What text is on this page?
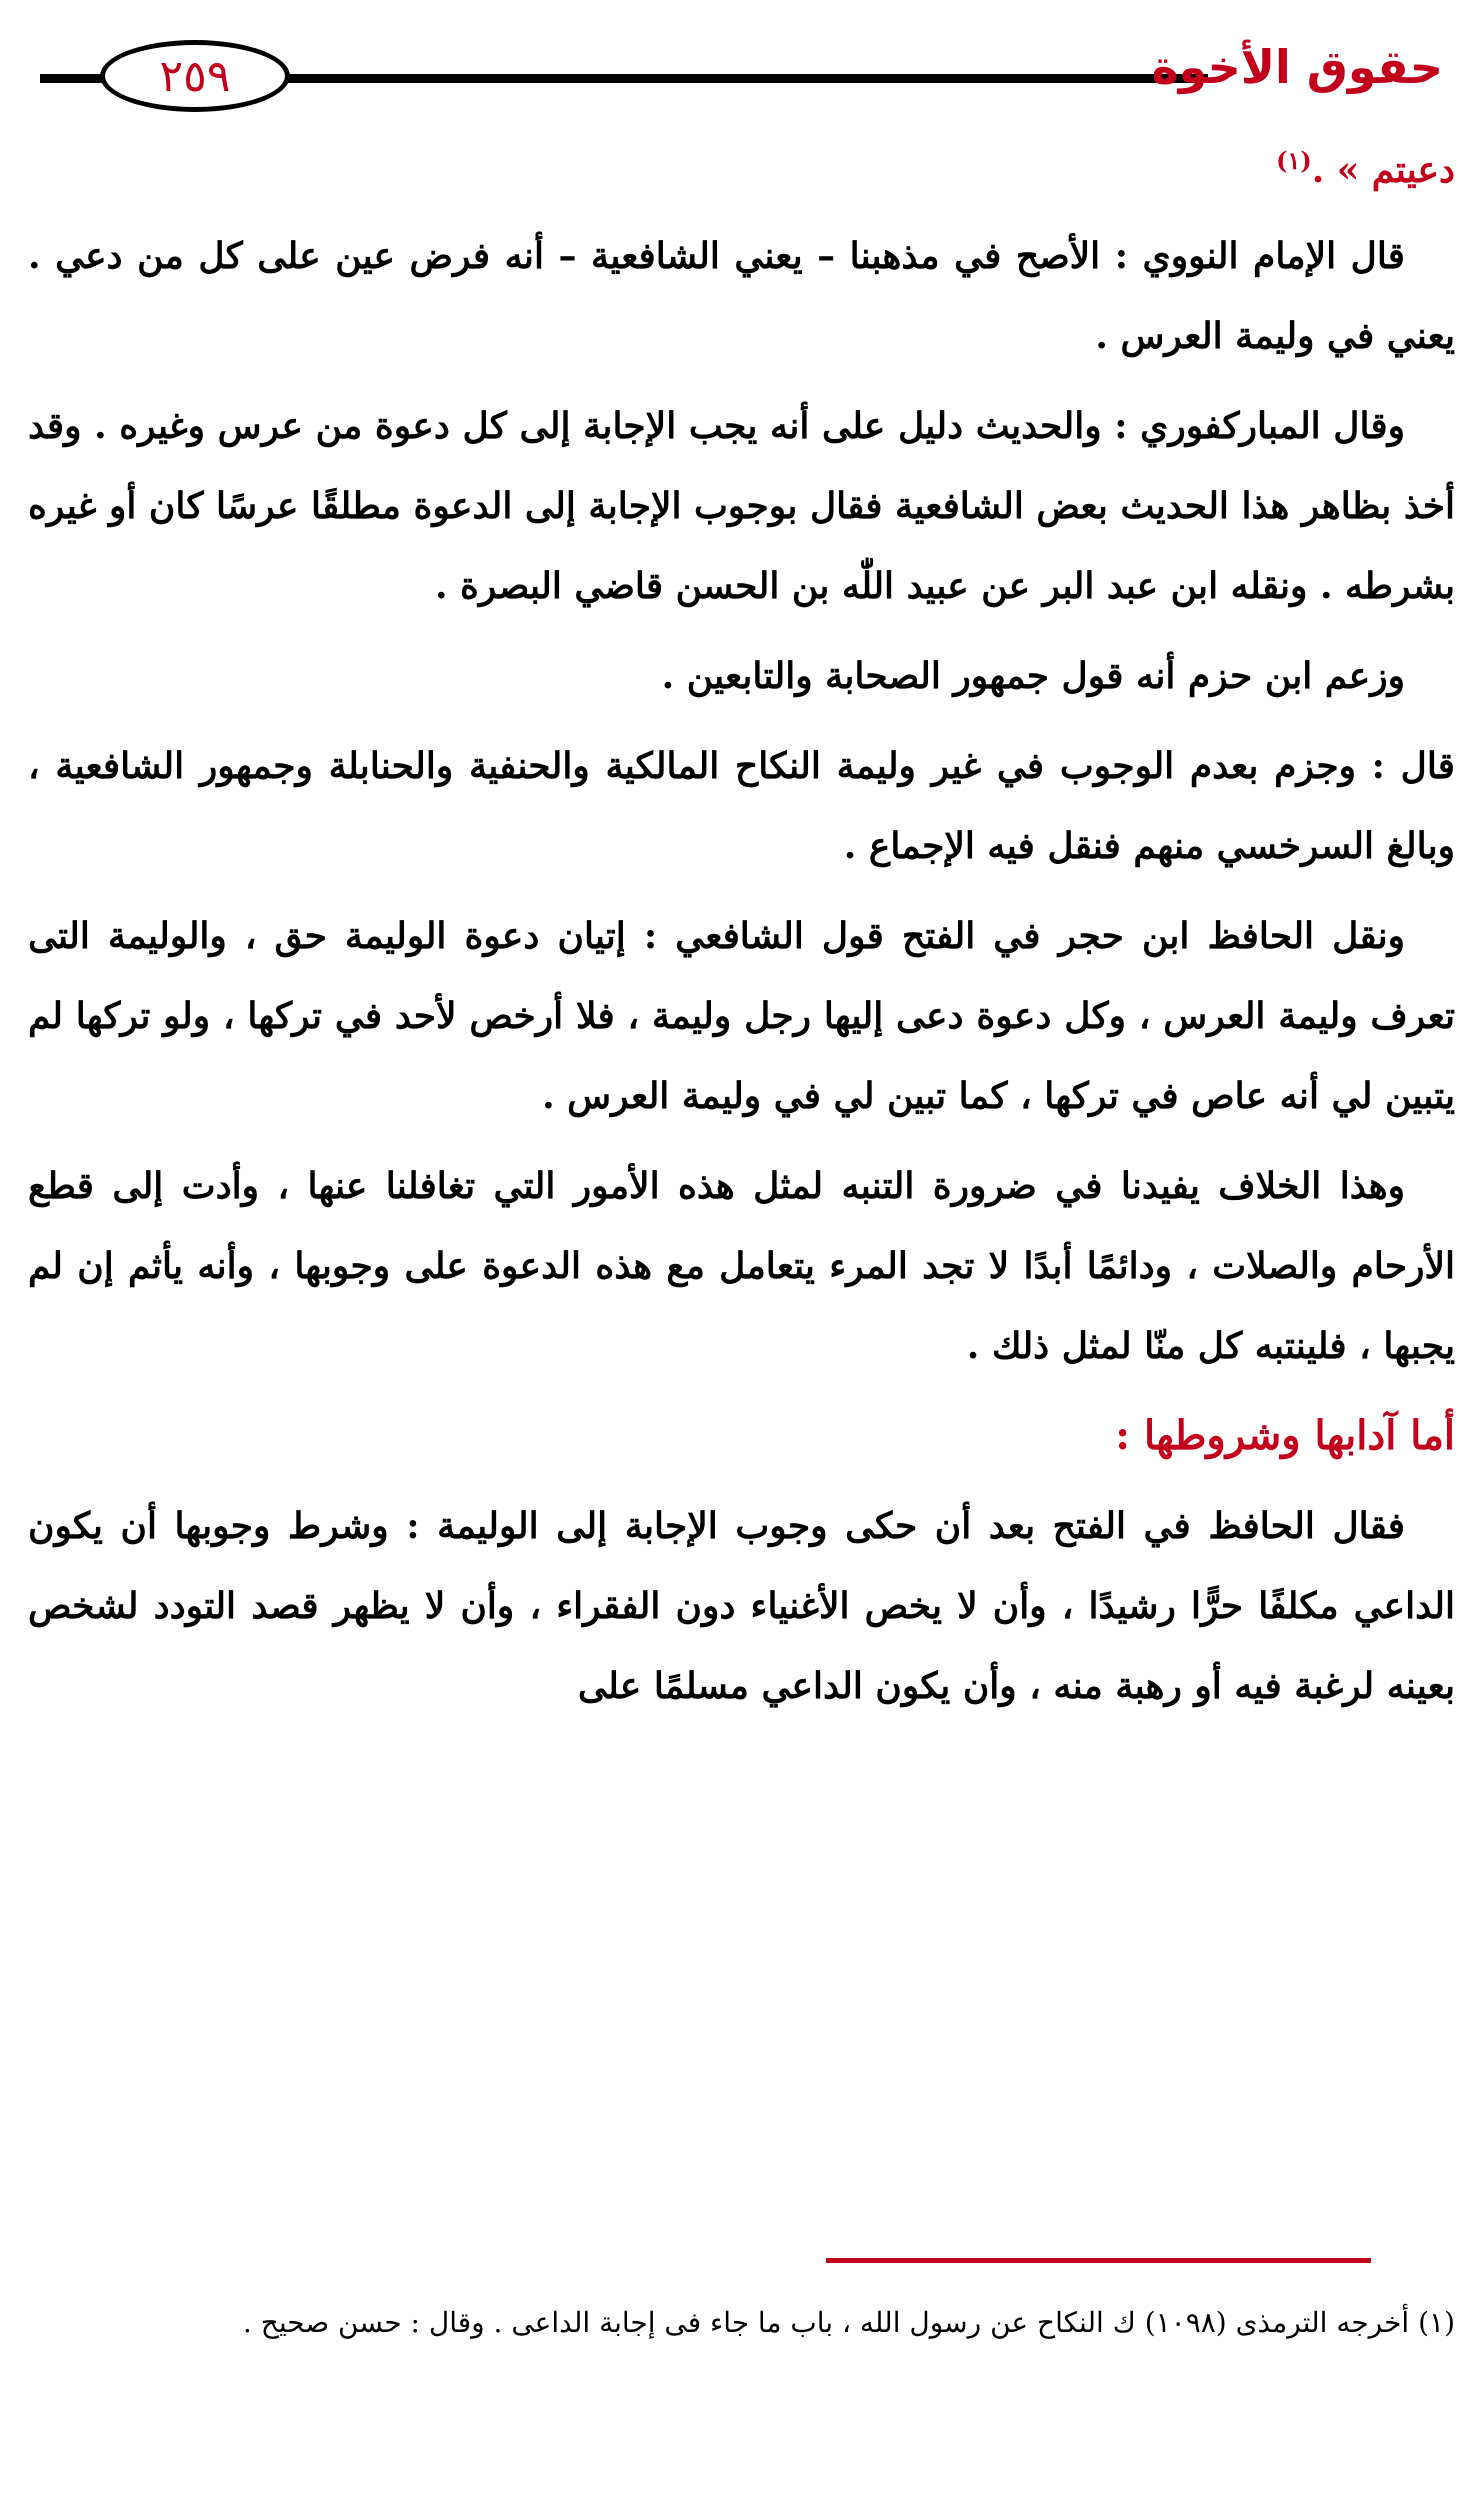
حقوق الأخوة
٢٥٩

دعيتم » .$^{(١)}$

قال الإمام النووي : الأصح في مذهبنا – يعني الشافعية – أنه فرض عين على كل من دعي . يعني في وليمة العرس .

وقال المباركفوري : والحديث دليل على أنه يجب الإجابة إلى كل دعوة من عرس وغيره . وقد أخذ بظاهر هذا الحديث بعض الشافعية فقال بوجوب الإجابة إلى الدعوة مطلقًا عرسًا كان أو غيره بشرطه . ونقله ابن عبد البر عن عبيد اللّٰه بن الحسن قاضي البصرة .

وزعم ابن حزم أنه قول جمهور الصحابة والتابعين .

قال : وجزم بعدم الوجوب في غير وليمة النكاح المالكية والحنفية والحنابلة وجمهور الشافعية ، وبالغ السرخسي منهم فنقل فيه الإجماع .

ونقل الحافظ ابن حجر في الفتح قول الشافعي : إتيان دعوة الوليمة حق ، والوليمة التى تعرف وليمة العرس ، وكل دعوة دعى إليها رجل وليمة ، فلا أرخص لأحد في تركها ، ولو تركها لم يتبين لي أنه عاص في تركها ، كما تبين لي في وليمة العرس .

وهذا الخلاف يفيدنا في ضرورة التنبه لمثل هذه الأمور التي تغافلنا عنها ، وأدت إلى قطع الأرحام والصلات ، ودائمًا أبدًا لا تجد المرء يتعامل مع هذه الدعوة على وجوبها ، وأنه يأثم إن لم يجبها ، فلينتبه كل منّا لمثل ذلك .

أما آدابها وشروطها :

فقال الحافظ في الفتح بعد أن حكى وجوب الإجابة إلى الوليمة : وشرط وجوبها أن يكون الداعي مكلفًا حرًّا رشيدًا ، وأن لا يخص الأغنياء دون الفقراء ، وأن لا يظهر قصد التودد لشخص بعينه لرغبة فيه أو رهبة منه ، وأن يكون الداعي مسلمًا على

(١) أخرجه الترمذى (١٠٩٨) ك النكاح عن رسول الله ، باب ما جاء فى إجابة الداعى . وقال : حسن صحيح .
